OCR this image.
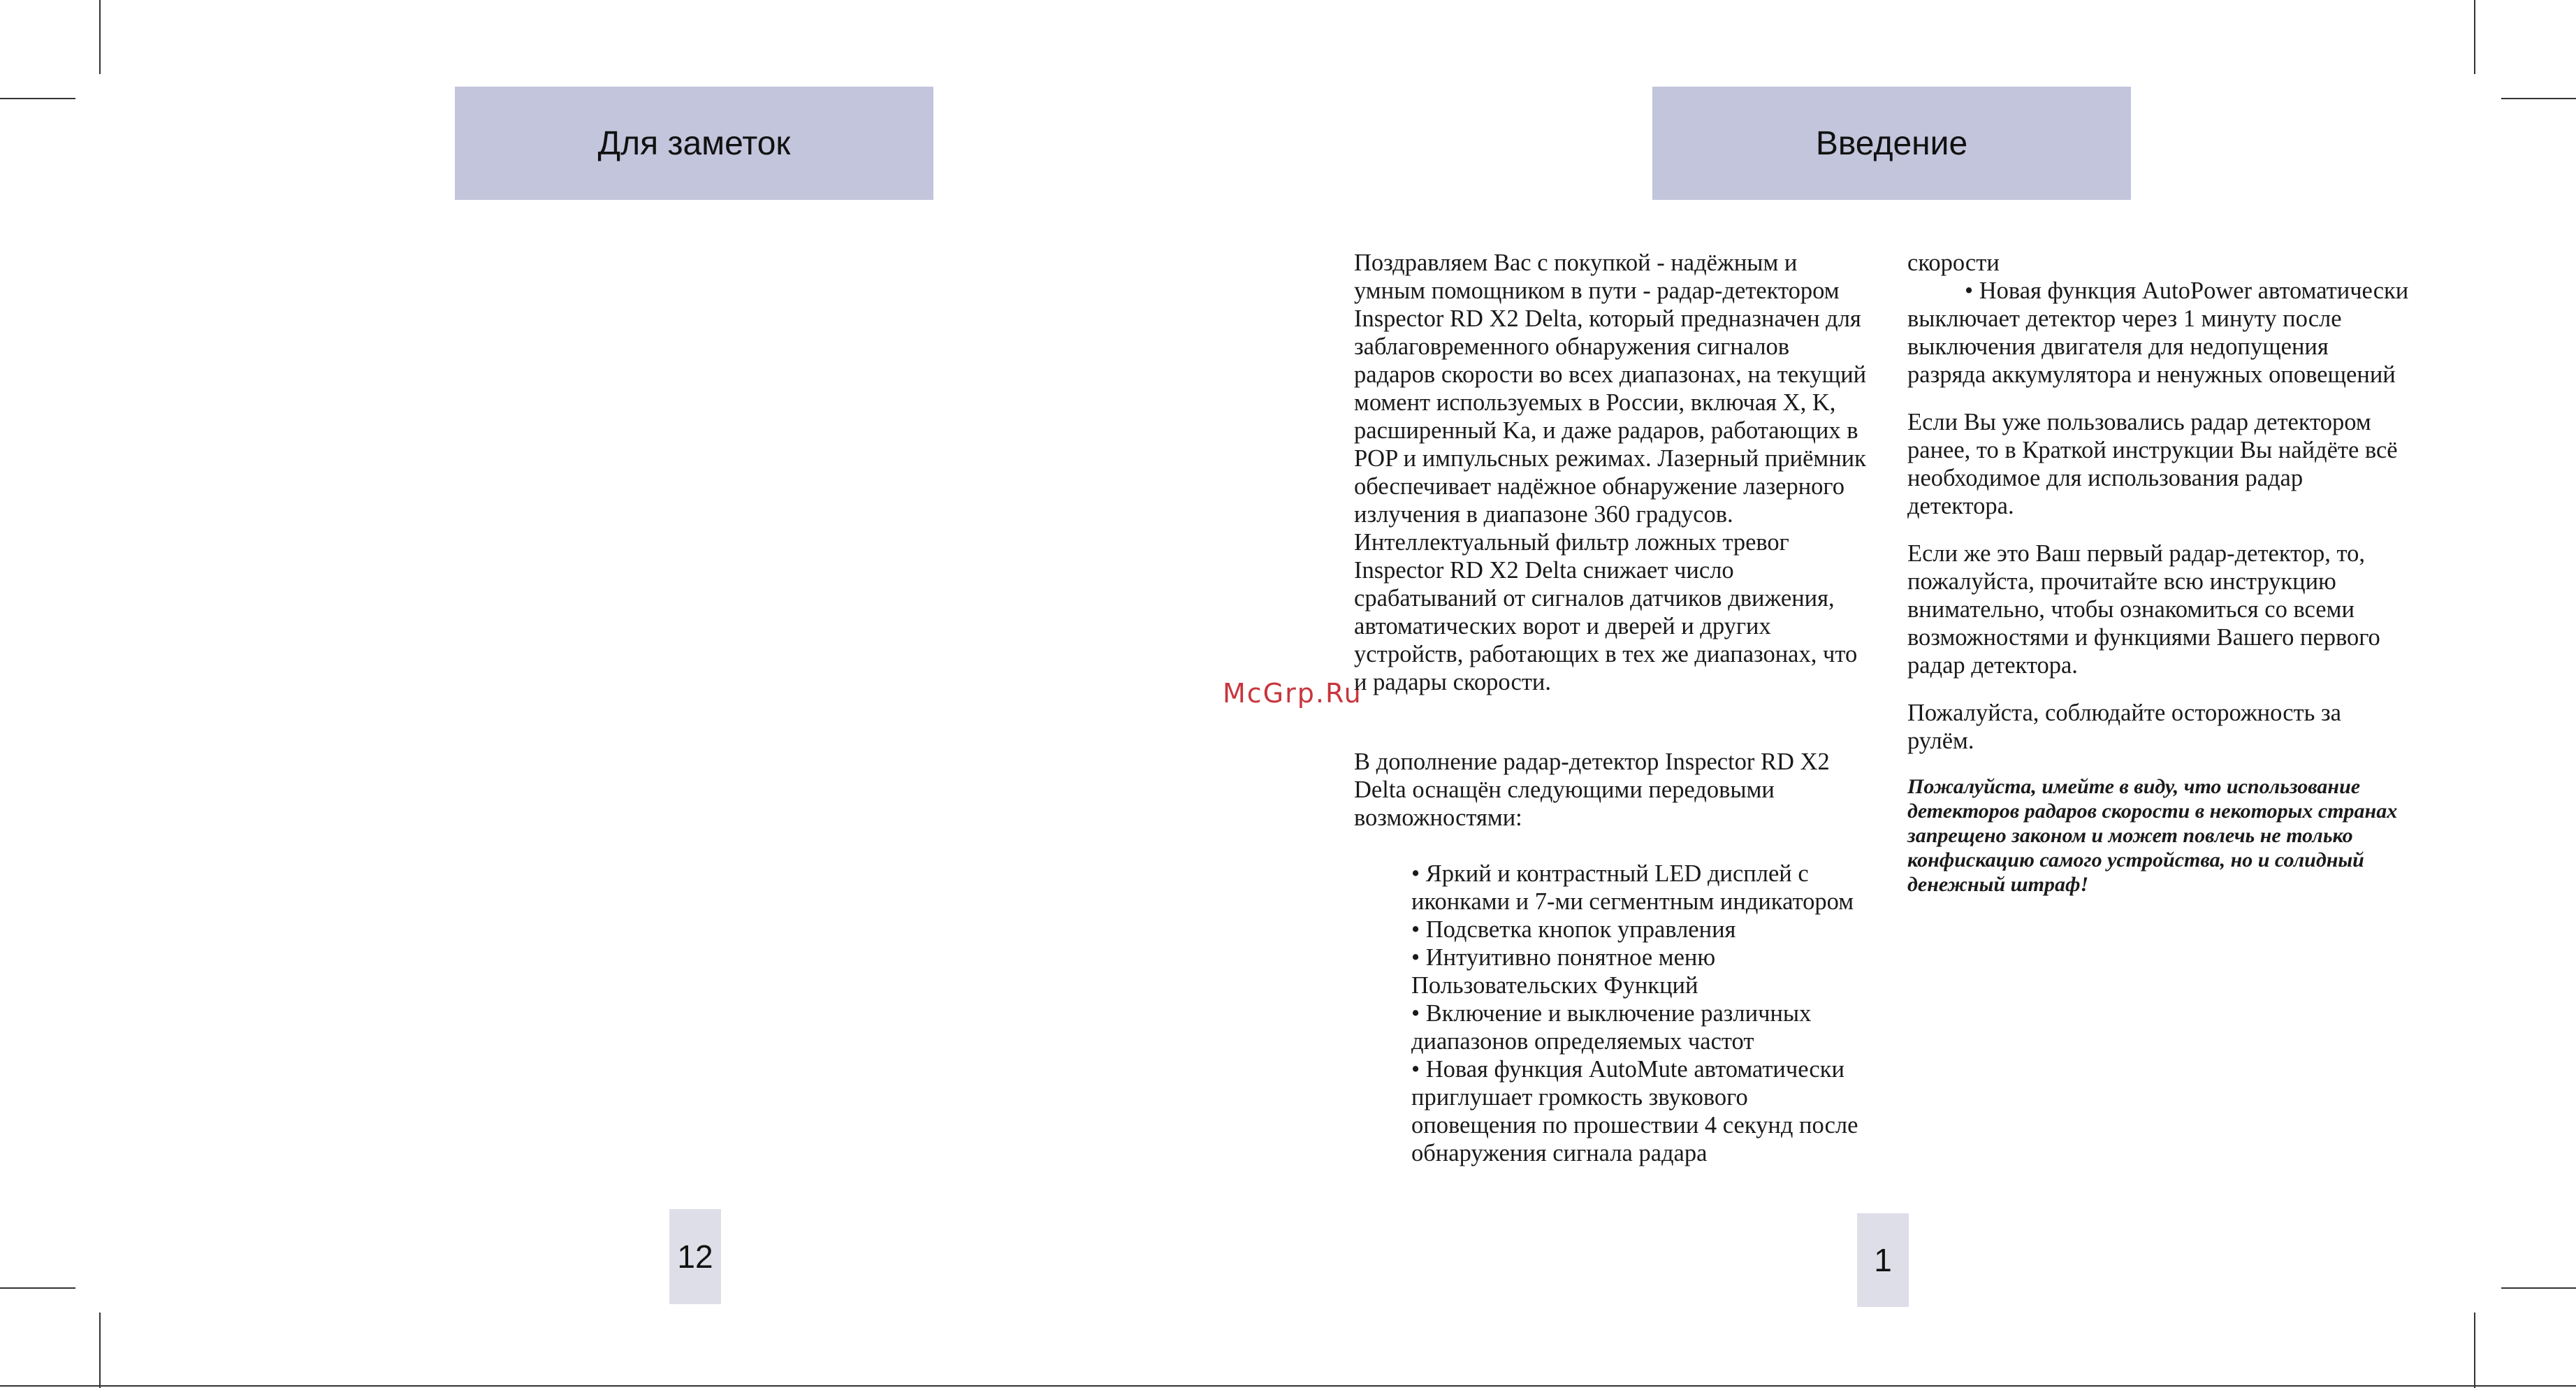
Для заметок
12
Введение
1
McGrp.Ru

Поздравляем Вас с покупкой - надёжным и умным помощником в пути - радар-детектором Inspector RD X2 Delta, который предназначен для заблаговременного обнаружения сигналов радаров скорости во всех диапазонах, на текущий момент используемых в России, включая X, K, расширенный Ka, и даже радаров, работающих в POP и импульсных режимах. Лазерный приёмник обеспечивает надёжное обнаружение лазерного излучения в диапазоне 360 градусов. Интеллектуальный фильтр ложных тревог Inspector RD X2 Delta снижает число срабатываний от сигналов датчиков движения, автоматических ворот и дверей и других устройств, работающих в тех же диапазонах, что и радары скорости.

В дополнение радар-детектор Inspector RD X2 Delta оснащён следующими передовыми возможностями:

• Яркий и контрастный LED дисплей с иконками и 7-ми сегментным индикатором
• Подсветка кнопок управления
• Интуитивно понятное меню Пользовательских Функций
• Включение и выключение различных диапазонов определяемых частот
• Новая функция AutoMute автоматически приглушает громкость звукового оповещения по прошествии 4 секунд после обнаружения сигнала радара

скорости

• Новая функция AutoPower автоматически выключает детектор через 1 минуту после выключения двигателя для недопущения разряда аккумулятора и ненужных оповещений

Если Вы уже пользовались радар детектором ранее, то в Краткой инструкции Вы найдёте всё необходимое для использования радар детектора.

Если же это Ваш первый радар-детектор, то, пожалуйста, прочитайте всю инструкцию внимательно, чтобы ознакомиться со всеми возможностями и функциями Вашего первого радар детектора.

Пожалуйста, соблюдайте осторожность за рулём.

Пожалуйста, имейте в виду, что использование детекторов радаров скорости в некоторых странах запрещено законом и может повлечь не только конфискацию самого устройства, но и солидный денежный штраф!
